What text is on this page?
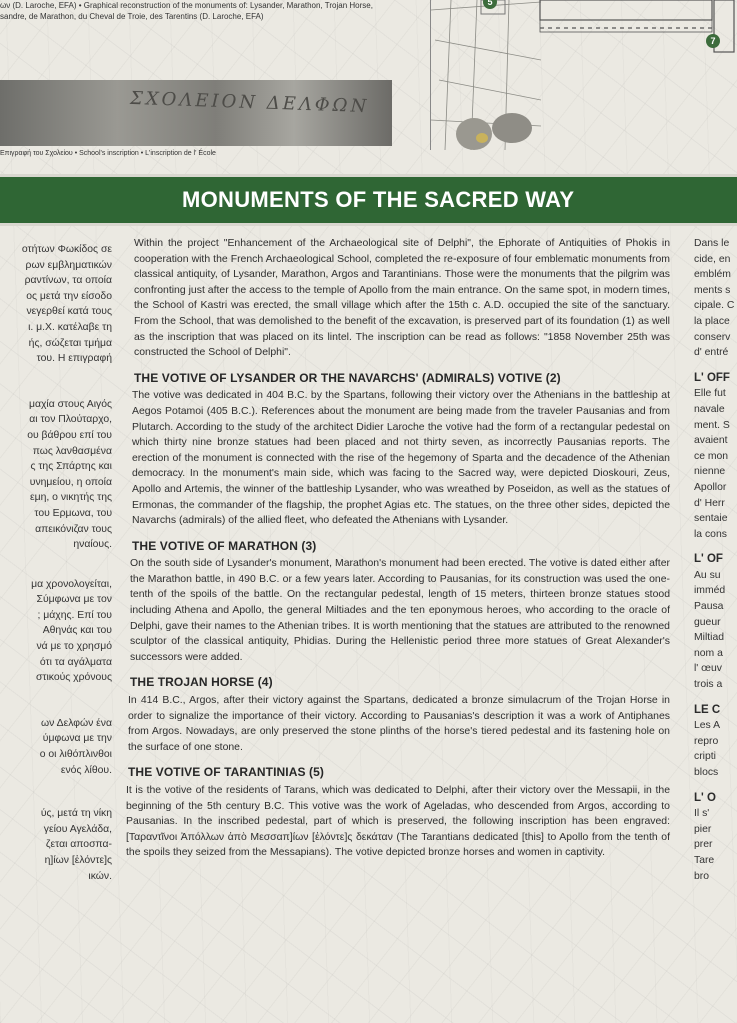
ων (D. Laroche, EFA) • Graphical reconstruction of the monuments of: Lysander, Marathon, Trojan Horse,
sandre, de Marathon, du Cheval de Troie, des Tarentins (D. Laroche, EFA)
ΣΧΟΛΕΙΟΝ ΔΕΛΦΩΝ
Επιγραφή του Σχολείου • School's inscription • L'inscription de l' École
5
7
MONUMENTS OF THE SACRED WAY
οτήτων Φωκίδος σε
ρων εμβληματικών
ραντίνων, τα οποία
ος μετά την είσοδο
νεγερθεί κατά τους
ι. μ.Χ. κατέλαβε τη
ής, σώζεται τμήμα
του. Η επιγραφή
μαχία στους Αιγός
αι τον Πλούταρχο,
ου βάθρου επί του
πως λανθασμένα
ς της Σπάρτης και
υνημείου, η οποία
εμη, ο νικητής της
του Ερμωνα, του
απεικόνιζαν τους
ηναίους.
μα χρονολογείται,
Σύμφωνα με τον
; μάχης. Επί του
Αθηνάς και του
νά με το χρησμό
ότι τα αγάλματα
στικούς χρόνους
ων Δελφών ένα
ύμφωνα με την
ο οι λιθόπλινθοι
ενός λίθου.
ύς, μετά τη νίκη
γείου Αγελάδα,
ζεται αποσπα-
η]ίων [ἑλόντε]ς
ικών.

Within the project "Enhancement of the Archaeological site of Delphi", the Ephorate of Antiquities of Phokis in cooperation with the French Archaeological School, completed the re-exposure of four emblematic monuments from classical antiquity, of Lysander, Marathon, Argos and Tarantinians. Those were the monuments that the pilgrim was confronting just after the access to the temple of Apollo from the main entrance. On the same spot, in modern times, the School of Kastri was erected, the small village which after the 15th c. A.D. occupied the site of the sanctuary. From the School, that was demolished to the benefit of the excavation, is preserved part of its foundation (1) as well as the inscription that was placed on its lintel. The inscription can be read as follows: "1858 November 25th was constructed the School of Delphi".

THE VOTIVE OF LYSANDER OR THE NAVARCHS' (ADMIRALS) VOTIVE (2)

The votive was dedicated in 404 B.C. by the Spartans, following their victory over the Athenians in the battleship at Aegos Potamoi (405 B.C.). References about the monument are being made from the traveler Pausanias and from Plutarch. According to the study of the architect Didier Laroche the votive had the form of a rectangular pedestal on which thirty nine bronze statues had been placed and not thirty seven, as incorrectly Pausanias reports. The erection of the monument is connected with the rise of the hegemony of Sparta and the decadence of the Athenian democracy. In the monument's main side, which was facing to the Sacred way, were depicted Dioskouri, Zeus, Apollo and Artemis, the winner of the battleship Lysander, who was wreathed by Poseidon, as well as the statues of Ermonas, the commander of the flagship, the prophet Agias etc. The statues, on the three other sides, depicted the Navarchs (admirals) of the allied fleet, who defeated the Athenians with Lysander.

THE VOTIVE OF MARATHON (3)

On the south side of Lysander's monument, Marathon's monument had been erected. The votive is dated either after the Marathon battle, in 490 B.C. or a few years later. According to Pausanias, for its construction was used the one-tenth of the spoils of the battle. On the rectangular pedestal, length of 15 meters, thirteen bronze statues stood including Athena and Apollo, the general Miltiades and the ten eponymous heroes, who according to the oracle of Delphi, gave their names to the Athenian tribes. It is worth mentioning that the statues are attributed to the renowned sculptor of the classical antiquity, Phidias. During the Hellenistic period three more statues of Great Alexander's successors were added.

THE TROJAN HORSE (4)

In 414 B.C., Argos, after their victory against the Spartans, dedicated a bronze simulacrum of the Trojan Horse in order to signalize the importance of their victory. According to Pausanias's description it was a work of Antiphanes from Argos. Nowadays, are only preserved the stone plinths of the horse's tiered pedestal and its fastening hole on the surface of one stone.

THE VOTIVE OF TARANTINIAS (5)

It is the votive of the residents of Tarans, which was dedicated to Delphi, after their victory over the Messapii, in the beginning of the 5th century B.C. This votive was the work of Ageladas, who descended from Argos, according to Pausanias. In the inscribed pedestal, part of which is preserved, the following inscription has been engraved: [Ταραντῖνοι Ἀπόλλων ἀπὸ Μεσσαπ]ίων [ἑλόντε]ς δεκάταν (The Tarantians dedicated [this] to Apollo from the tenth of the spoils they seized from the Messapians). The votive depicted bronze horses and women in captivity.

Dans le
cide, en
emblém
ments s
cipale. C
la place
conserv
d' entré
L' OFF
Elle fut
navale
ment. S
avaient
ce mon
nienne
Apollor
d' Herr
sentaie
la cons
L' OF
Au su
imméd
Pausa
gueur
Miltiad
nom a
l' œuv
trois a
LE C
Les A
repro
cripti
blocs
L' O
Il s'
pier
prer
Tare
bro
